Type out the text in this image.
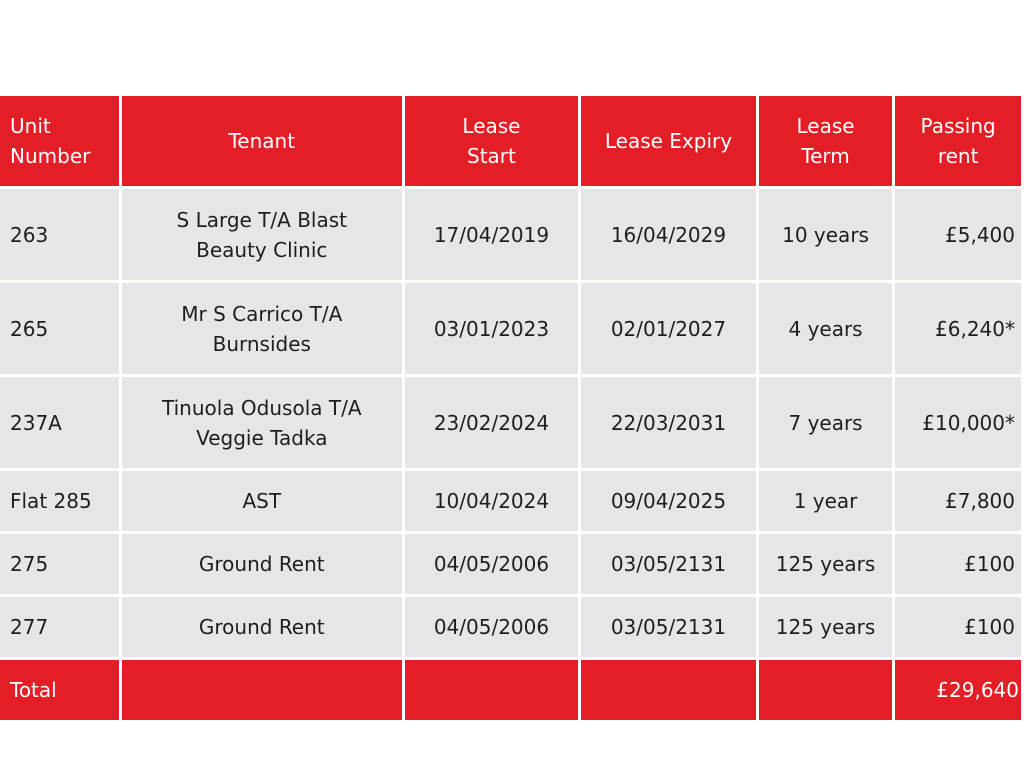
Unit Number	Tenant	Lease Start	Lease Expiry	Lease Term	Passing rent

263	S Large T/A Blast Beauty Clinic	17/04/2019	16/04/2029	10 years	£5,400
265	Mr S Carrico T/A Burnsides	03/01/2023	02/01/2027	4 years	£6,240*
237A	Tinuola Odusola T/A Veggie Tadka	23/02/2024	22/03/2031	7 years	£10,000*
Flat 285	AST	10/04/2024	09/04/2025	1 year	£7,800
275	Ground Rent	04/05/2006	03/05/2131	125 years	£100
277	Ground Rent	04/05/2006	03/05/2131	125 years	£100
Total					£29,640
